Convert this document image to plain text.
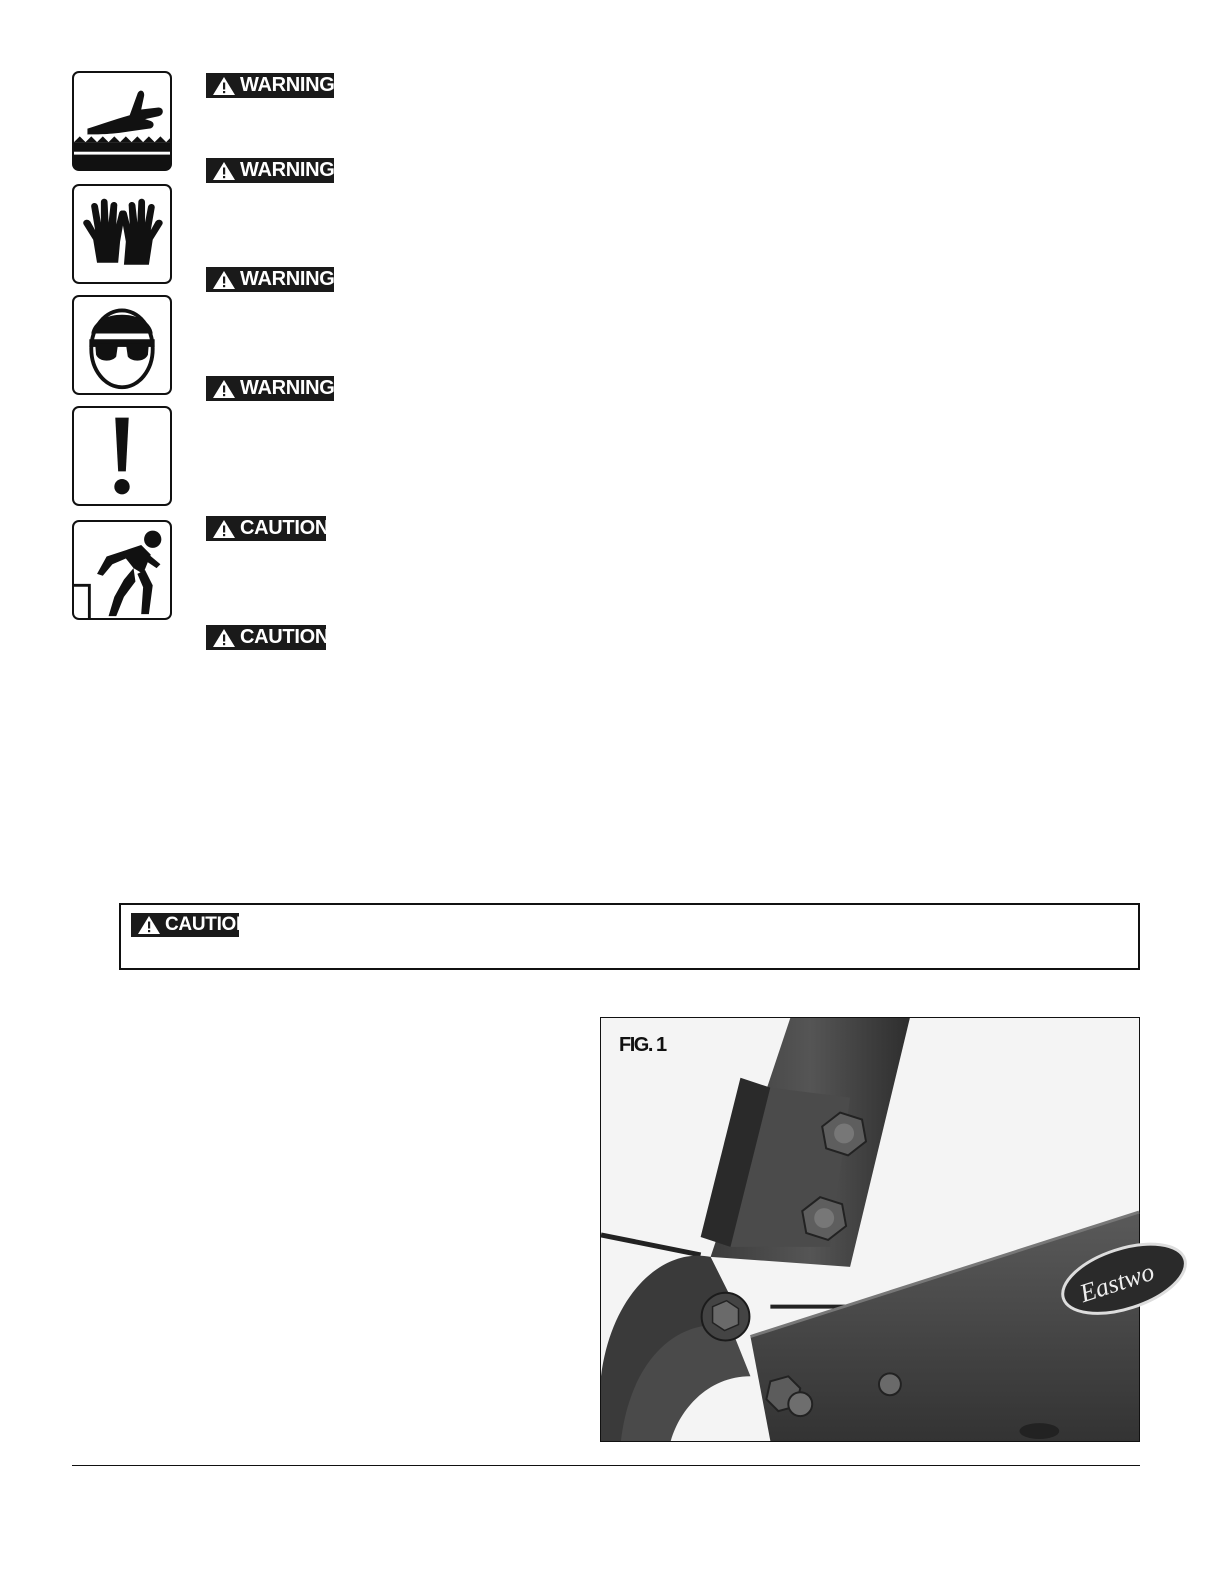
WARNING
WARNING
WARNING
WARNING
CAUTION
CAUTION
CAUTION
Eastwo
FIG. 1
